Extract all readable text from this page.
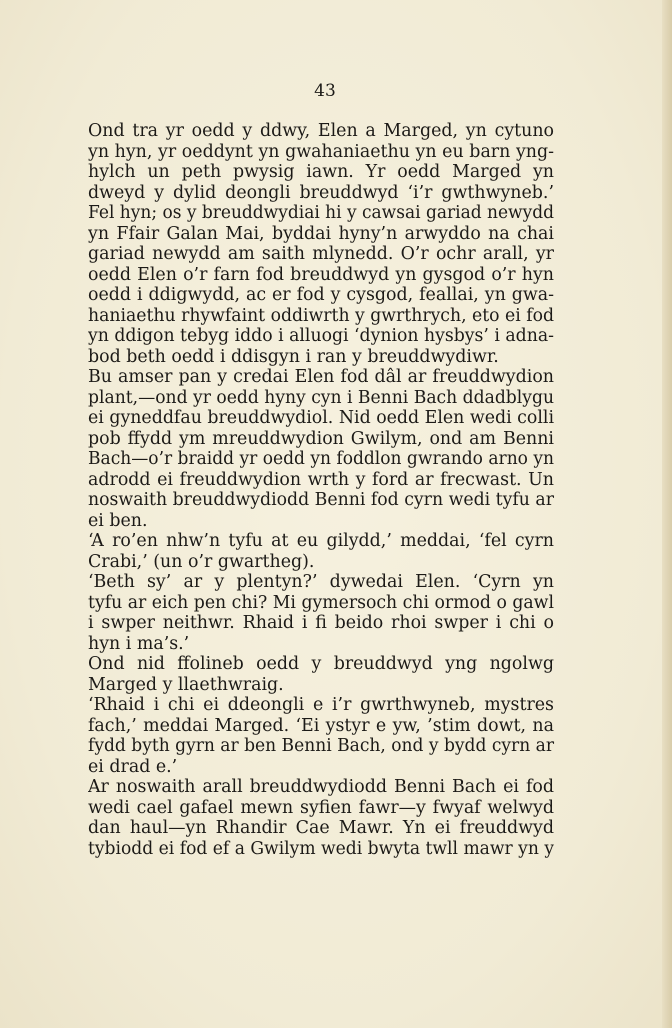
43
Ond tra yr oedd y ddwy, Elen a Marged, yn cytuno
yn hyn, yr oeddynt yn gwahaniaethu yn eu barn yng-
hylch un peth pwysig iawn. Yr oedd Marged yn
dweyd y dylid deongli breuddwyd ‘i’r gwthwyneb.’
Fel hyn; os y breuddwydiai hi y cawsai gariad newydd
yn Ffair Galan Mai, byddai hyny’n arwyddo na chai
gariad newydd am saith mlynedd. O’r ochr arall, yr
oedd Elen o’r farn fod breuddwyd yn gysgod o’r hyn
oedd i ddigwydd, ac er fod y cysgod, feallai, yn gwa-
haniaethu rhywfaint oddiwrth y gwrthrych, eto ei fod
yn ddigon tebyg iddo i alluogi ‘dynion hysbys’ i adna-
bod beth oedd i ddisgyn i ran y breuddwydiwr.
Bu amser pan y credai Elen fod dâl ar freuddwydion
plant,—ond yr oedd hyny cyn i Benni Bach ddadblygu
ei gyneddfau breuddwydiol. Nid oedd Elen wedi colli
pob ffydd ym mreuddwydion Gwilym, ond am Benni
Bach—o’r braidd yr oedd yn foddlon gwrando arno yn
adrodd ei freuddwydion wrth y ford ar frecwast. Un
noswaith breuddwydiodd Benni fod cyrn wedi tyfu ar
ei ben.
‘A ro’en nhw’n tyfu at eu gilydd,’ meddai, ‘fel cyrn
Crabi,’ (un o’r gwartheg).
‘Beth sy’ ar y plentyn?’ dywedai Elen. ‘Cyrn yn
tyfu ar eich pen chi? Mi gymersoch chi ormod o gawl
i swper neithwr. Rhaid i fi beido rhoi swper i chi o
hyn i ma’s.’
Ond nid ffolineb oedd y breuddwyd yng ngolwg
Marged y llaethwraig.
‘Rhaid i chi ei ddeongli e i’r gwrthwyneb, mystres
fach,’ meddai Marged. ‘Ei ystyr e yw, ’stim dowt, na
fydd byth gyrn ar ben Benni Bach, ond y bydd cyrn ar
ei drad e.’
Ar noswaith arall breuddwydiodd Benni Bach ei fod
wedi cael gafael mewn syfien fawr—y fwyaf welwyd
dan haul—yn Rhandir Cae Mawr. Yn ei freuddwyd
tybiodd ei fod ef a Gwilym wedi bwyta twll mawr yn y
